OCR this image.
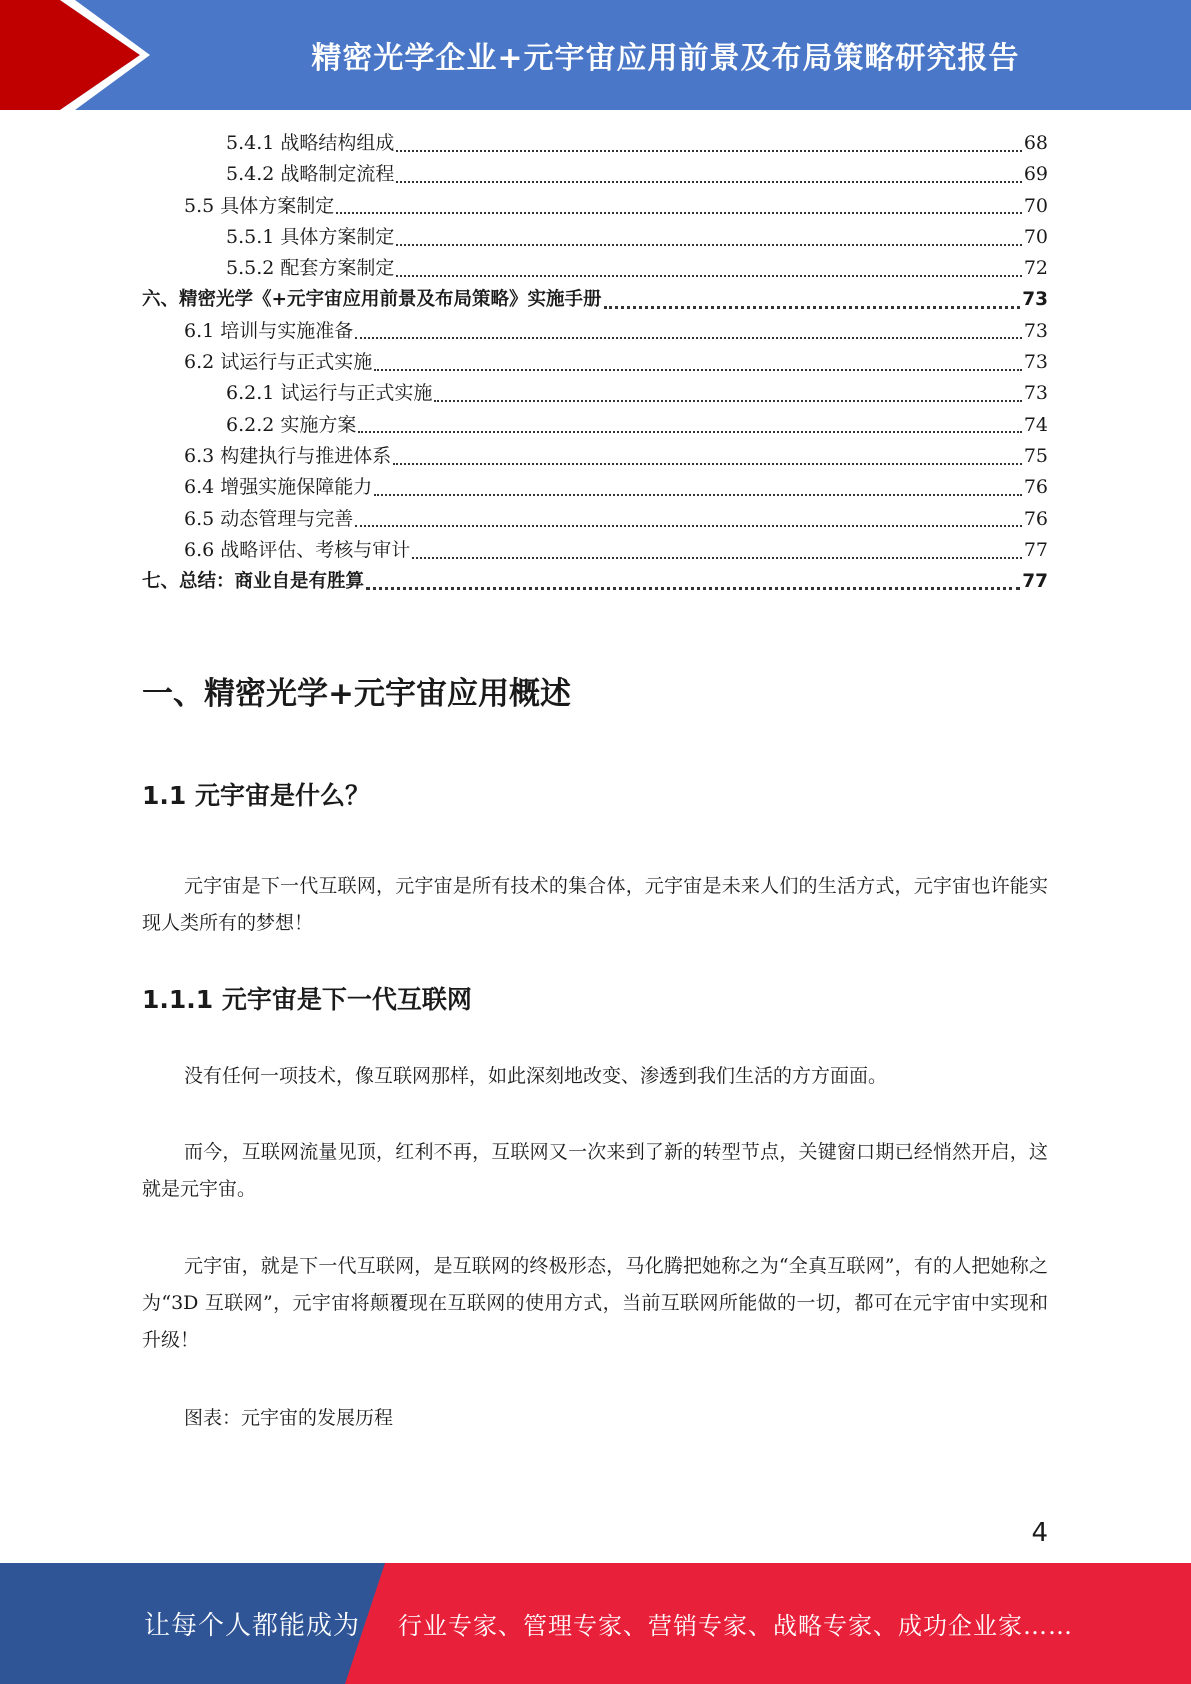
精密光学企业+元宇宙应用前景及布局策略研究报告
5.4.1 战略结构组成	68
5.4.2 战略制定流程	69
5.5 具体方案制定	70
5.5.1 具体方案制定	70
5.5.2 配套方案制定	72
六、精密光学《+元宇宙应用前景及布局策略》实施手册	73
6.1 培训与实施准备	73
6.2 试运行与正式实施	73
6.2.1 试运行与正式实施	73
6.2.2 实施方案	74
6.3 构建执行与推进体系	75
6.4 增强实施保障能力	76
6.5 动态管理与完善	76
6.6 战略评估、考核与审计	77
七、总结：商业自是有胜算	77
一、精密光学+元宇宙应用概述
1.1 元宇宙是什么？
元宇宙是下一代互联网，元宇宙是所有技术的集合体，元宇宙是未来人们的生活方式，元宇宙也许能实现人类所有的梦想！
1.1.1 元宇宙是下一代互联网
没有任何一项技术，像互联网那样，如此深刻地改变、渗透到我们生活的方方面面。
而今，互联网流量见顶，红利不再，互联网又一次来到了新的转型节点，关键窗口期已经悄然开启，这就是元宇宙。
元宇宙，就是下一代互联网，是互联网的终极形态，马化腾把她称之为“全真互联网”，有的人把她称之为“3D 互联网”，元宇宙将颠覆现在互联网的使用方式，当前互联网所能做的一切，都可在元宇宙中实现和升级！
图表：元宇宙的发展历程
4
让每个人都能成为 行业专家、管理专家、营销专家、战略专家、成功企业家……
